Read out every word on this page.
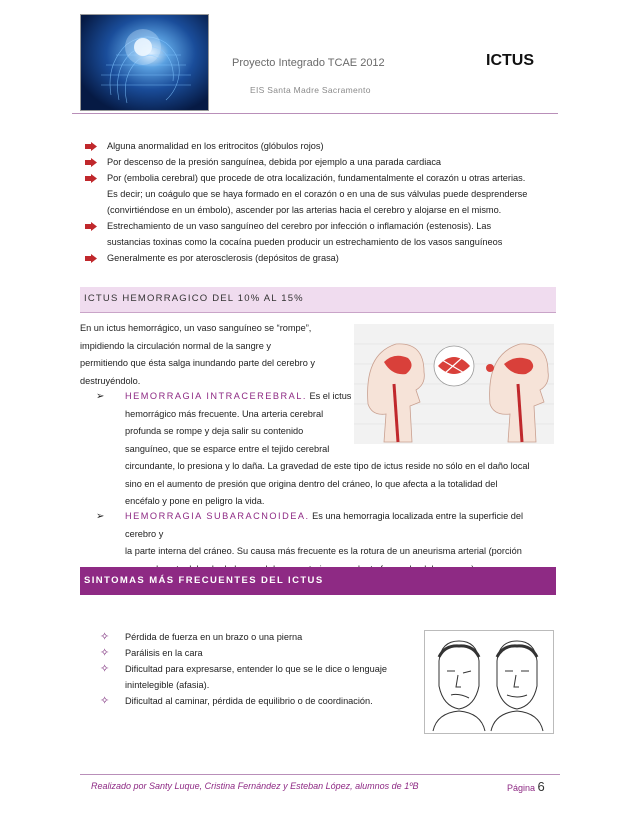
Proyecto Integrado TCAE 2012	ICTUS
EIS Santa Madre Sacramento
Alguna anormalidad en los eritrocitos (glóbulos rojos)
Por descenso de la presión sanguínea, debida por ejemplo a una parada cardiaca
Por (embolia cerebral) que procede de otra localización, fundamentalmente el corazón u otras arterias.
Es decir; un coágulo que se haya formado en el corazón o en una de sus válvulas puede desprenderse
(convirtiéndose en un émbolo), ascender por las arterias hacia el cerebro y alojarse en el mismo.
Estrechamiento de un vaso sanguíneo del cerebro por infección o inflamación (estenosis). Las
sustancias toxinas como la cocaína pueden producir un estrechamiento de los vasos sanguíneos
Generalmente es por aterosclerosis (depósitos de grasa)
ICTUS HEMORRAGICO DEL 10% AL 15%
En un ictus hemorrágico, un vaso sanguíneo se “rompe”,
impidiendo la circulación normal de la sangre y
permitiendo que ésta salga inundando parte del cerebro y
destruyéndolo.
➢ HEMORRAGIA INTRACEREBRAL. Es el ictus
hemorrágico más frecuente. Una arteria cerebral
profunda se rompe y deja salir su contenido
sanguíneo, que se esparce entre el tejido cerebral
circundante, lo presiona y lo daña. La gravedad de este tipo de ictus reside no sólo en el daño local
sino en el aumento de presión que origina dentro del cráneo, lo que afecta a la totalidad del
encéfalo y pone en peligro la vida.
➢ HEMORRAGIA SUBARACNOIDEA. Es una hemorragia localizada entre la superficie del cerebro y
la parte interna del cráneo. Su causa más frecuente es la rotura de un aneurisma arterial (porción
SINTOMAS MÁS FRECUENTES DEL ICTUS
✧ Pérdida de fuerza en un brazo o una pierna
✧ Parálisis en la cara
✧ Dificultad para expresarse, entender lo que se le dice o lenguaje
inintelegible (afasia).
✧ Dificultad al caminar, pérdida de equilibrio o de coordinación.
Realizado por Santy Luque, Cristina Fernández y Esteban López, alumnos de 1ºB	Página 6
